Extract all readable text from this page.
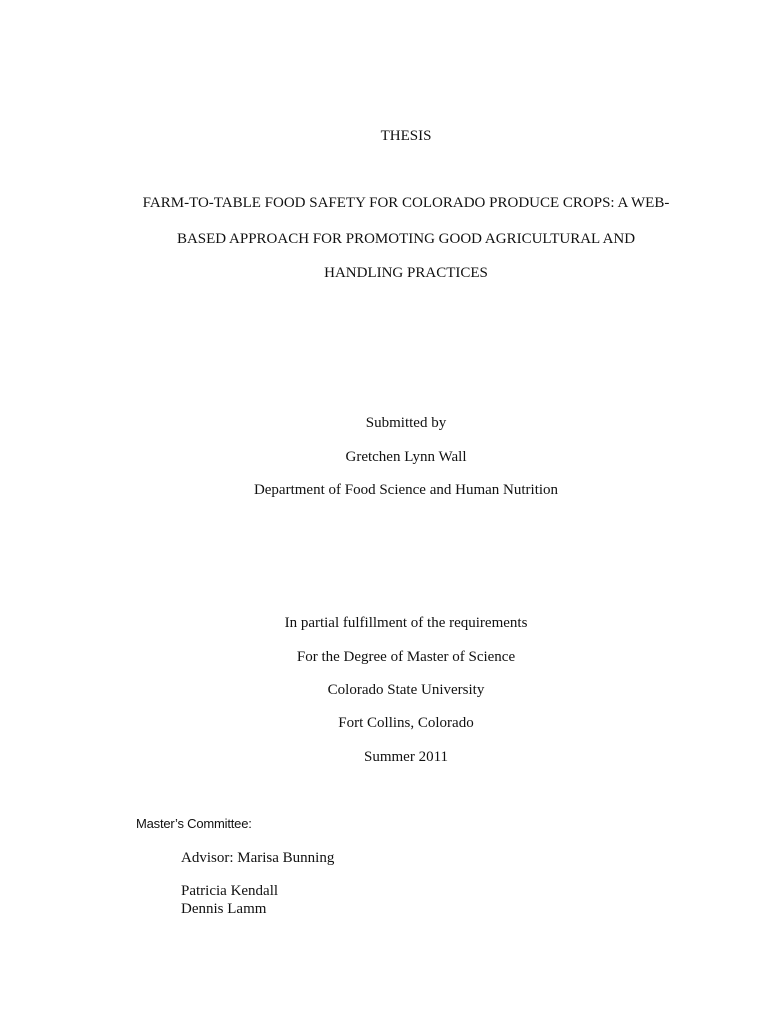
THESIS
FARM-TO-TABLE FOOD SAFETY FOR COLORADO PRODUCE CROPS: A WEB-
BASED APPROACH FOR PROMOTING GOOD AGRICULTURAL AND
HANDLING PRACTICES
Submitted by
Gretchen Lynn Wall
Department of Food Science and Human Nutrition
In partial fulfillment of the requirements
For the Degree of Master of Science
Colorado State University
Fort Collins, Colorado
Summer 2011
Master’s Committee:
Advisor: Marisa Bunning
Patricia Kendall
Dennis Lamm
